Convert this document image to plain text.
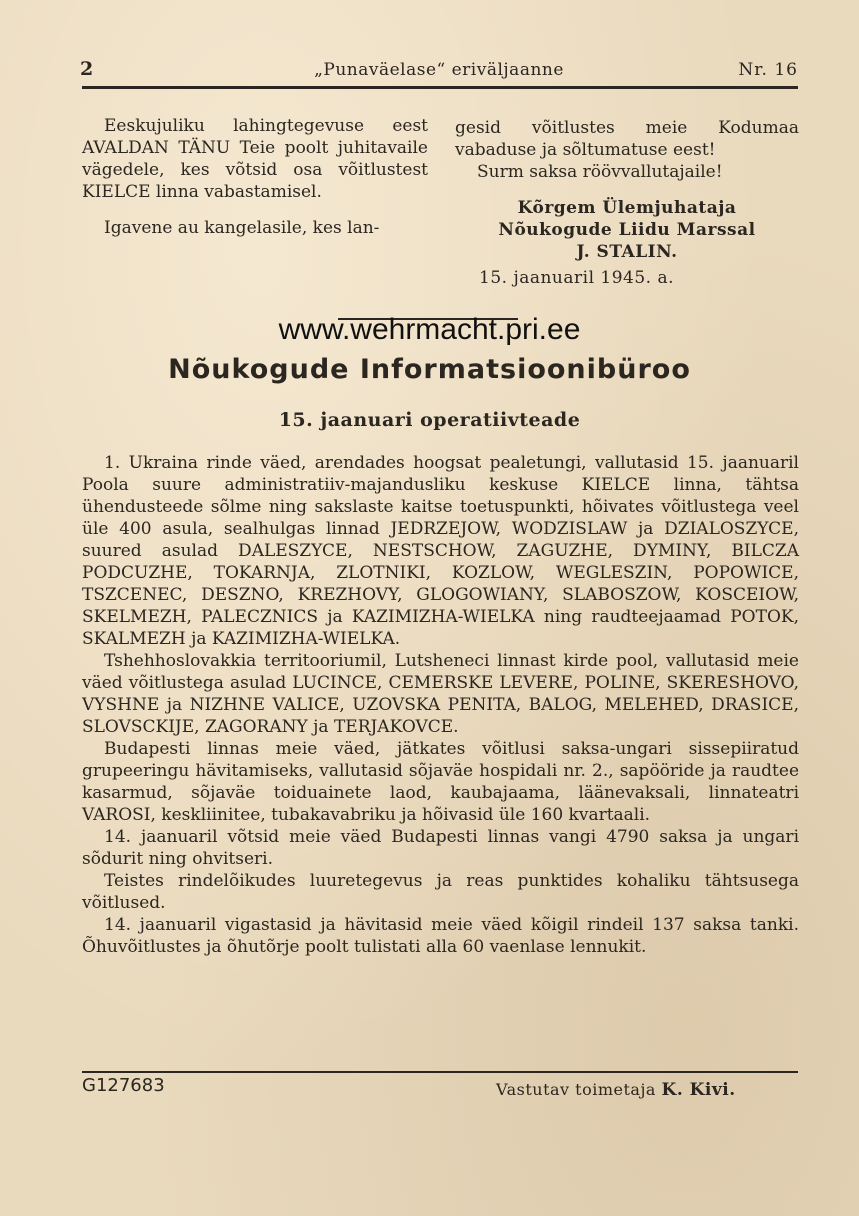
2	„Punaväelase“ eriväljaanne	Nr. 16

Eeskujuliku lahingtegevuse eest AVALDAN TÄNU Teie poolt juhitavaile vägedele, kes võtsid osa võitlustest KIELCE linna vabastamisel.

Igavene au kangelasile, kes lan-

gesid võitlustes meie Kodumaa vabaduse ja sõltumatuse eest!

Surm saksa röövvallutajaile!

Kõrgem Ülemjuhataja

Nõukogude Liidu Marssal

J. STALIN.

15. jaanuaril 1945. a.

www.wehrmacht.pri.ee
Nõukogude Informatsioonibüroo
15. jaanuari operatiivteade

1. Ukraina rinde väed, arendades hoogsat pealetungi, vallutasid 15. jaanuaril Poola suure administratiiv-majandusliku keskuse KIELCE linna, tähtsa ühendusteede sõlme ning sakslaste kaitse toetuspunkti, hõivates võitlustega veel üle 400 asula, sealhulgas linnad JEDRZEJOW, WODZISLAW ja DZIALOSZYCE, suured asulad DALESZYCE, NESTSCHOW, ZAGUZHE, DYMINY, BILCZA PODCUZHE, TOKARNJA, ZLOTNIKI, KOZLOW, WEGLESZIN, POPOWICE, TSZCENEC, DESZNO, KREZHOVY, GLOGOWIANY, SLABOSZOW, KOSCEIOW, SKELMEZH, PALECZNICS ja KAZIMIZHA-WIELKA ning raudteejaamad POTOK, SKALMEZH ja KAZIMIZHA-WIELKA.

Tshehhoslovakkia territooriumil, Lutsheneci linnast kirde pool, vallutasid meie väed võitlustega asulad LUCINCE, CEMERSKE LEVERE, POLINE, SKERESHOVO, VYSHNE ja NIZHNE VALICE, UZOVSKA PENITA, BALOG, MELEHED, DRASICE, SLOVSCKIJE, ZAGORANY ja TERJAKOVCE.

Budapesti linnas meie väed, jätkates võitlusi saksa-ungari sissepiiratud grupeeringu hävitamiseks, vallutasid sõjaväe hospidali nr. 2., sapööride ja raudtee kasarmud, sõjaväe toiduainete laod, kaubajaama, läänevaksali, linnateatri VAROSI, keskliinitee, tubakavabriku ja hõivasid üle 160 kvartaali.

14. jaanuaril võtsid meie väed Budapesti linnas vangi 4790 saksa ja ungari sõdurit ning ohvitseri.

Teistes rindelõikudes luuretegevus ja reas punktides kohaliku tähtsusega võitlused.

14. jaanuaril vigastasid ja hävitasid meie väed kõigil rindeil 137 saksa tanki. Õhuvõitlustes ja õhutõrje poolt tulistati alla 60 vaenlase lennukit.

G127683	Vastutav toimetaja K. Kivi.
